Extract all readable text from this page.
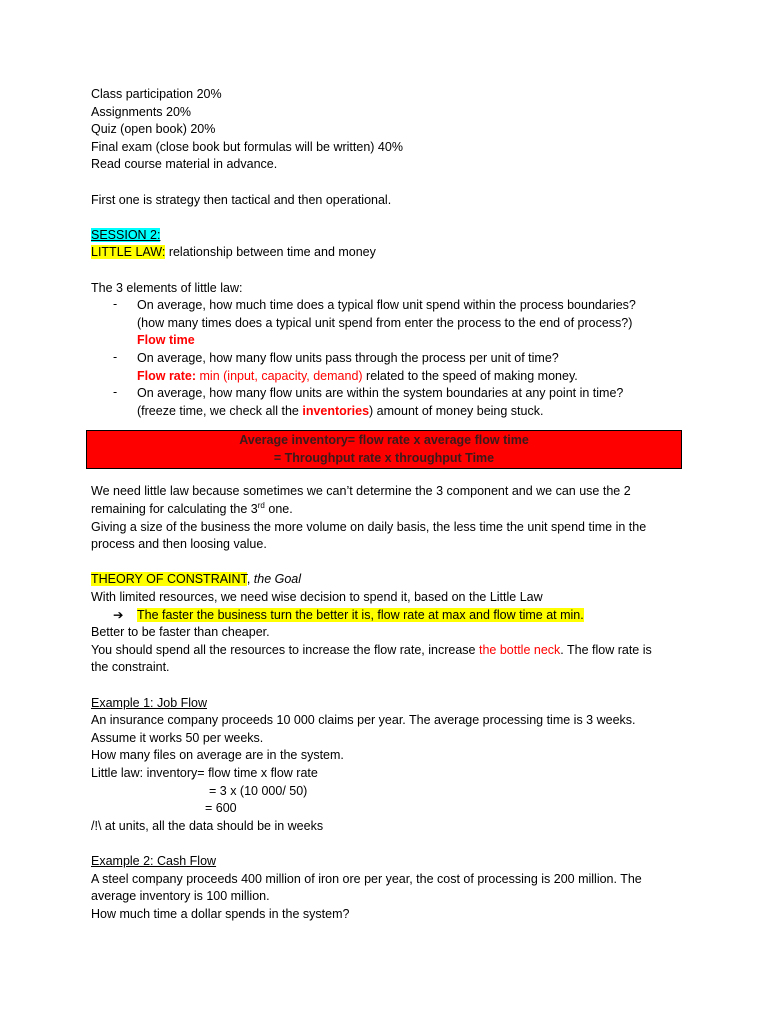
Class participation 20%

Assignments 20%

Quiz (open book) 20%

Final exam (close book but formulas will be written) 40%

Read course material in advance.

First one is strategy then tactical and then operational.

SESSION 2:

LITTLE LAW: relationship between time and money

The 3 elements of little law:

- On average, how much time does a typical flow unit spend within the process boundaries?

(how many times does a typical unit spend from enter the process to the end of process?)

Flow time

- On average, how many flow units pass through the process per unit of time?

Flow rate: min (input, capacity, demand) related to the speed of making money.

- On average, how many flow units are within the system boundaries at any point in time?

(freeze time, we check all the inventories) amount of money being stuck.

Average inventory= flow rate x average flow time

= Throughput rate x throughput Time

We need little law because sometimes we can’t determine the 3 component and we can use the 2

remaining for calculating the 3rd one.

Giving a size of the business the more volume on daily basis, the less time the unit spend time in the

process and then loosing value.

THEORY OF CONSTRAINT, the Goal

With limited resources, we need wise decision to spend it, based on the Little Law

➔ The faster the business turn the better it is, flow rate at max and flow time at min.

Better to be faster than cheaper.

You should spend all the resources to increase the flow rate, increase the bottle neck. The flow rate is

the constraint.

Example 1: Job Flow

An insurance company proceeds 10 000 claims per year. The average processing time is 3 weeks.

Assume it works 50 per weeks.

How many files on average are in the system.

Little law: inventory= flow time x flow rate

= 3 x (10 000/ 50)

= 600

/!\ at units, all the data should be in weeks

Example 2: Cash Flow

A steel company proceeds 400 million of iron ore per year, the cost of processing is 200 million. The

average inventory is 100 million.

How much time a dollar spends in the system?
